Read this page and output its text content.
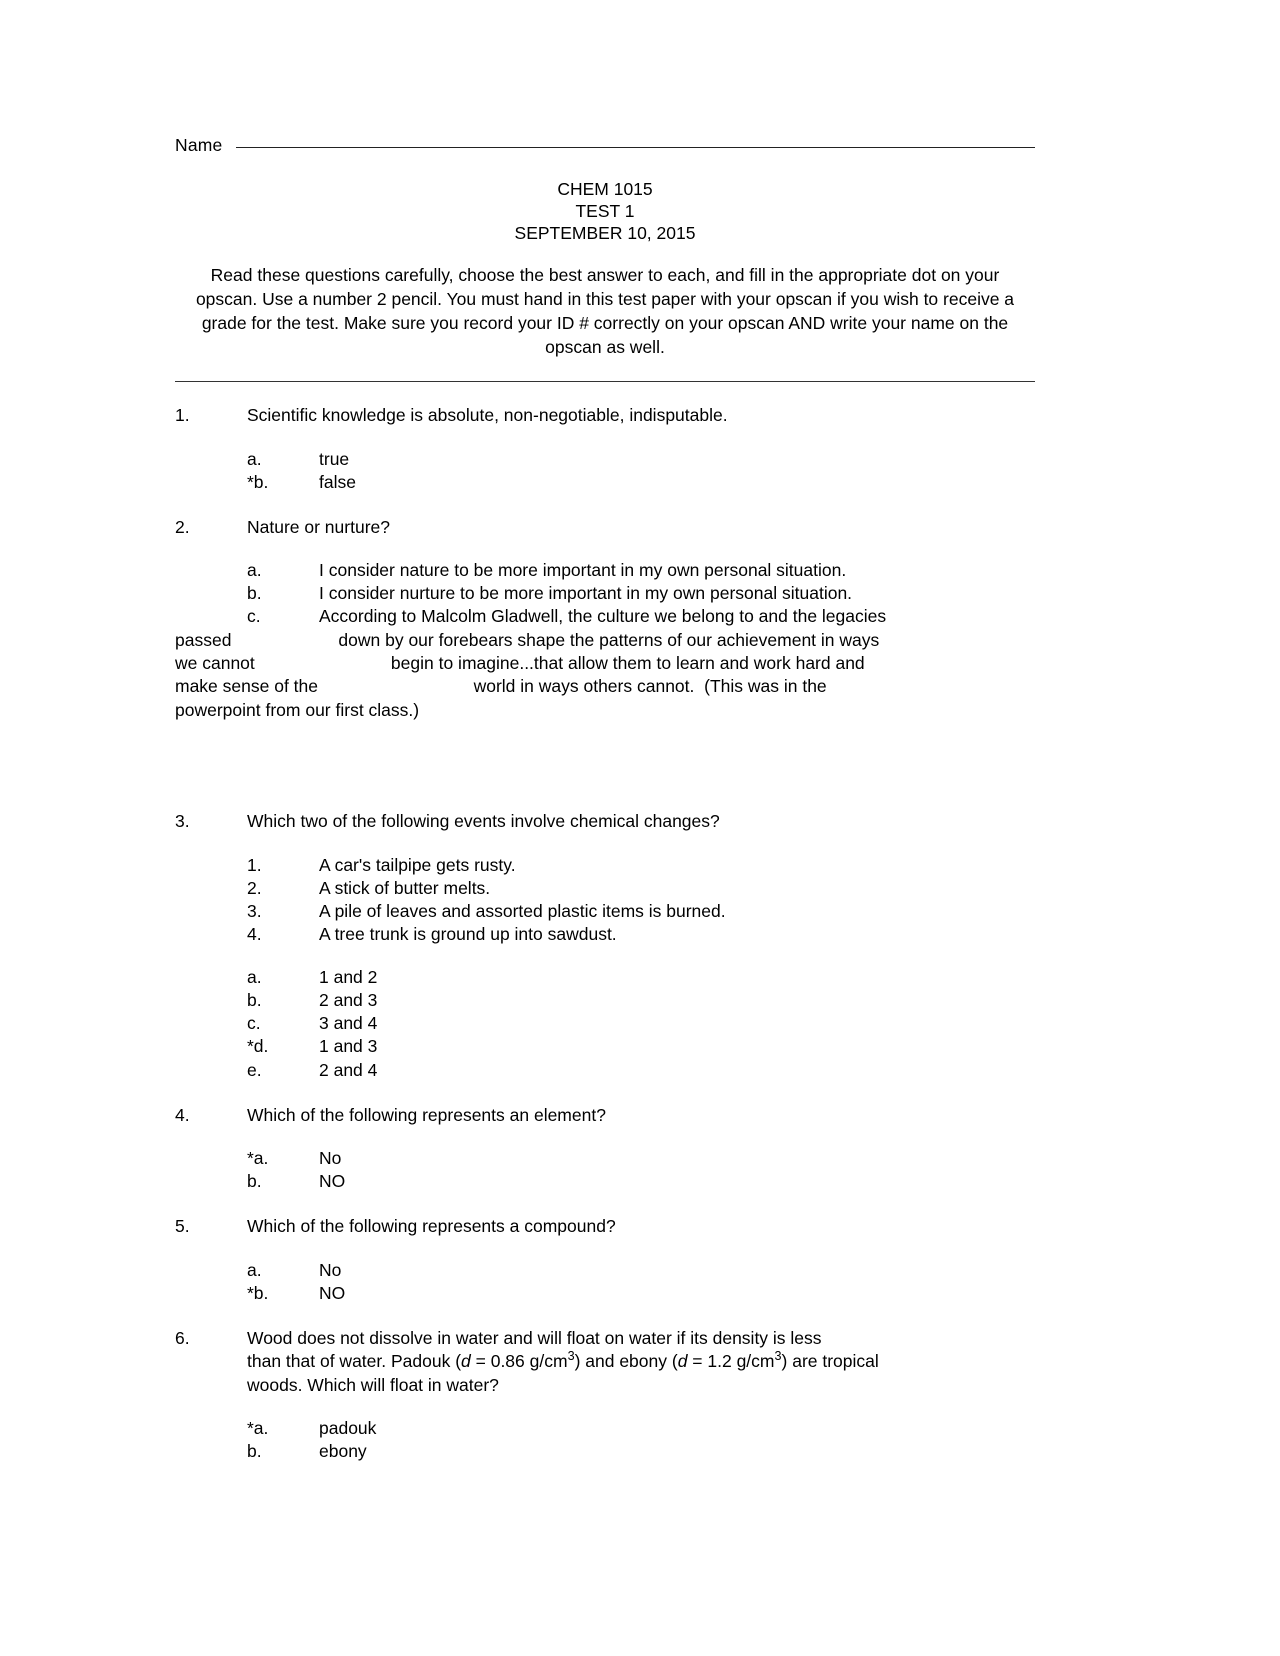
Name
CHEM 1015
TEST 1
SEPTEMBER 10, 2015

Read these questions carefully, choose the best answer to each, and fill in the appropriate dot on your opscan. Use a number 2 pencil. You must hand in this test paper with your opscan if you wish to receive a grade for the test. Make sure you record your ID # correctly on your opscan AND write your name on the opscan as well.

1.	Scientific knowledge is absolute, non-negotiable, indisputable.
a.	true
*b.	false
2.	Nature or nurture?
a.	I consider nature to be more important in my own personal situation.
b.	I consider nurture to be more important in my own personal situation.
c.	According to Malcolm Gladwell, the culture we belong to and the legacies
passed                      down by our forebears shape the patterns of our achievement in ways
we cannot                            begin to imagine...that allow them to learn and work hard and
make sense of the                                world in ways others cannot.  (This was in the
powerpoint from our first class.)
3.	Which two of the following events involve chemical changes?
1.	A car's tailpipe gets rusty.
2.	A stick of butter melts.
3.	A pile of leaves and assorted plastic items is burned.
4.	A tree trunk is ground up into sawdust.
a.	1 and 2
b.	2 and 3
c.	3 and 4
*d.	1 and 3
e.	2 and 4
4.	Which of the following represents an element?
*a.	No
b.	NO
5.	Which of the following represents a compound?
a.	No
*b.	NO
6.	Wood does not dissolve in water and will float on water if its density is less
than that of water. Padouk (d = 0.86 $g/cm^3$) and ebony (d = 1.2 $g/cm^3$) are tropical
woods. Which will float in water?
*a.	padouk
b.	ebony
